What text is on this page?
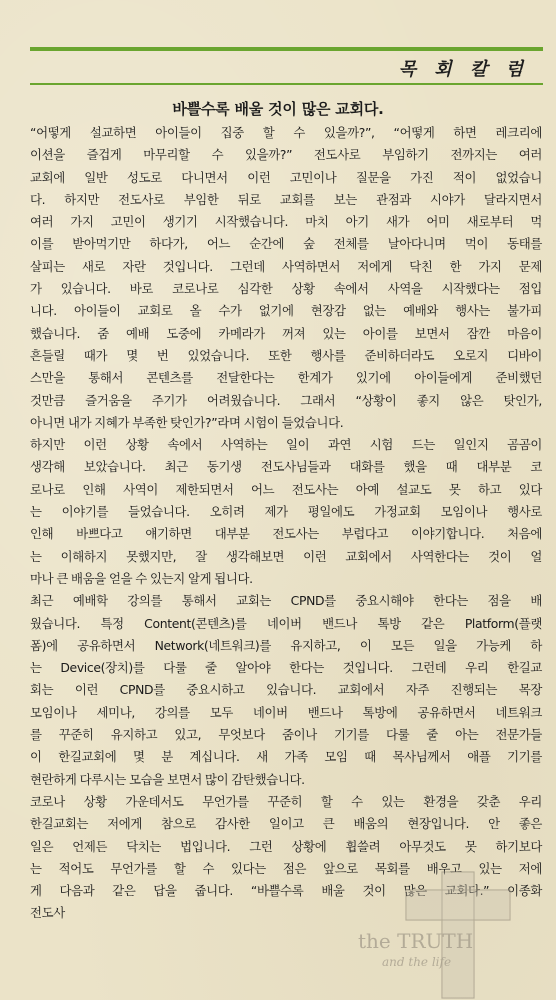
목 회 칼 럼
바쁠수록 배울 것이 많은 교회다.
“어떻게 설교하면 아이들이 집중 할 수 있을까?”, “어떻게 하면 레크리에
이션을 즐겁게 마무리할 수 있을까?” 전도사로 부임하기 전까지는 여러
교회에 일반 성도로 다니면서 이런 고민이나 질문을 가진 적이 없었습니
다. 하지만 전도사로 부임한 뒤로 교회를 보는 관점과 시야가 달라지면서
여러 가지 고민이 생기기 시작했습니다. 마치 아기 새가 어미 새로부터 먹
이를 받아먹기만 하다가, 어느 순간에 숲 전체를 날아다니며 먹이 동태를
살피는 새로 자란 것입니다. 그런데 사역하면서 저에게 닥친 한 가지 문제
가 있습니다. 바로 코로나로 심각한 상황 속에서 사역을 시작했다는 점입
니다. 아이들이 교회로 올 수가 없기에 현장감 없는 예배와 행사는 불가피
했습니다. 줌 예배 도중에 카메라가 꺼져 있는 아이를 보면서 잠깐 마음이
흔들릴 때가 몇 번 있었습니다. 또한 행사를 준비하더라도 오로지 디바이
스만을 통해서 콘텐츠를 전달한다는 한계가 있기에 아이들에게 준비했던
것만큼 즐거움을 주기가 어려웠습니다. 그래서 “상황이 좋지 않은 탓인가,
아니면 내가 지혜가 부족한 탓인가?”라며 시험이 들었습니다.
하지만 이런 상황 속에서 사역하는 일이 과연 시험 드는 일인지 곰곰이
생각해 보았습니다. 최근 동기생 전도사님들과 대화를 했을 때 대부분 코
로나로 인해 사역이 제한되면서 어느 전도사는 아예 설교도 못 하고 있다
는 이야기를 들었습니다. 오히려 제가 평일에도 가정교회 모임이나 행사로
인해 바쁘다고 얘기하면 대부분 전도사는 부럽다고 이야기합니다. 처음에
는 이해하지 못했지만, 잘 생각해보면 이런 교회에서 사역한다는 것이 얼
마나 큰 배움을 얻을 수 있는지 알게 됩니다.
최근 예배학 강의를 통해서 교회는 CPND를 중요시해야 한다는 점을 배
웠습니다. 특정 Content(콘텐츠)를 네이버 밴드나 톡방 같은 Platform(플랫
폼)에 공유하면서 Network(네트워크)를 유지하고, 이 모든 일을 가능케 하
는 Device(장치)를 다룰 줄 알아야 한다는 것입니다. 그런데 우리 한길교
회는 이런 CPND를 중요시하고 있습니다. 교회에서 자주 진행되는 목장
모임이나 세미나, 강의를 모두 네이버 밴드나 톡방에 공유하면서 네트워크
를 꾸준히 유지하고 있고, 무엇보다 줌이나 기기를 다룰 줄 아는 전문가들
이 한길교회에 몇 분 계십니다. 새 가족 모임 때 목사님께서 애플 기기를
현란하게 다루시는 모습을 보면서 많이 감탄했습니다.
코로나 상황 가운데서도 무언가를 꾸준히 할 수 있는 환경을 갖춘 우리
한길교회는 저에게 참으로 감사한 일이고 큰 배움의 현장입니다. 안 좋은
일은 언제든 닥치는 법입니다. 그런 상황에 휩쓸려 아무것도 못 하기보다
는 적어도 무언가를 할 수 있다는 점은 앞으로 목회를 배우고 있는 저에
게 다음과 같은 답을 줍니다. “바쁠수록 배울 것이 많은 교회다.” 이종화
전도사
the TRUTH
and the life
